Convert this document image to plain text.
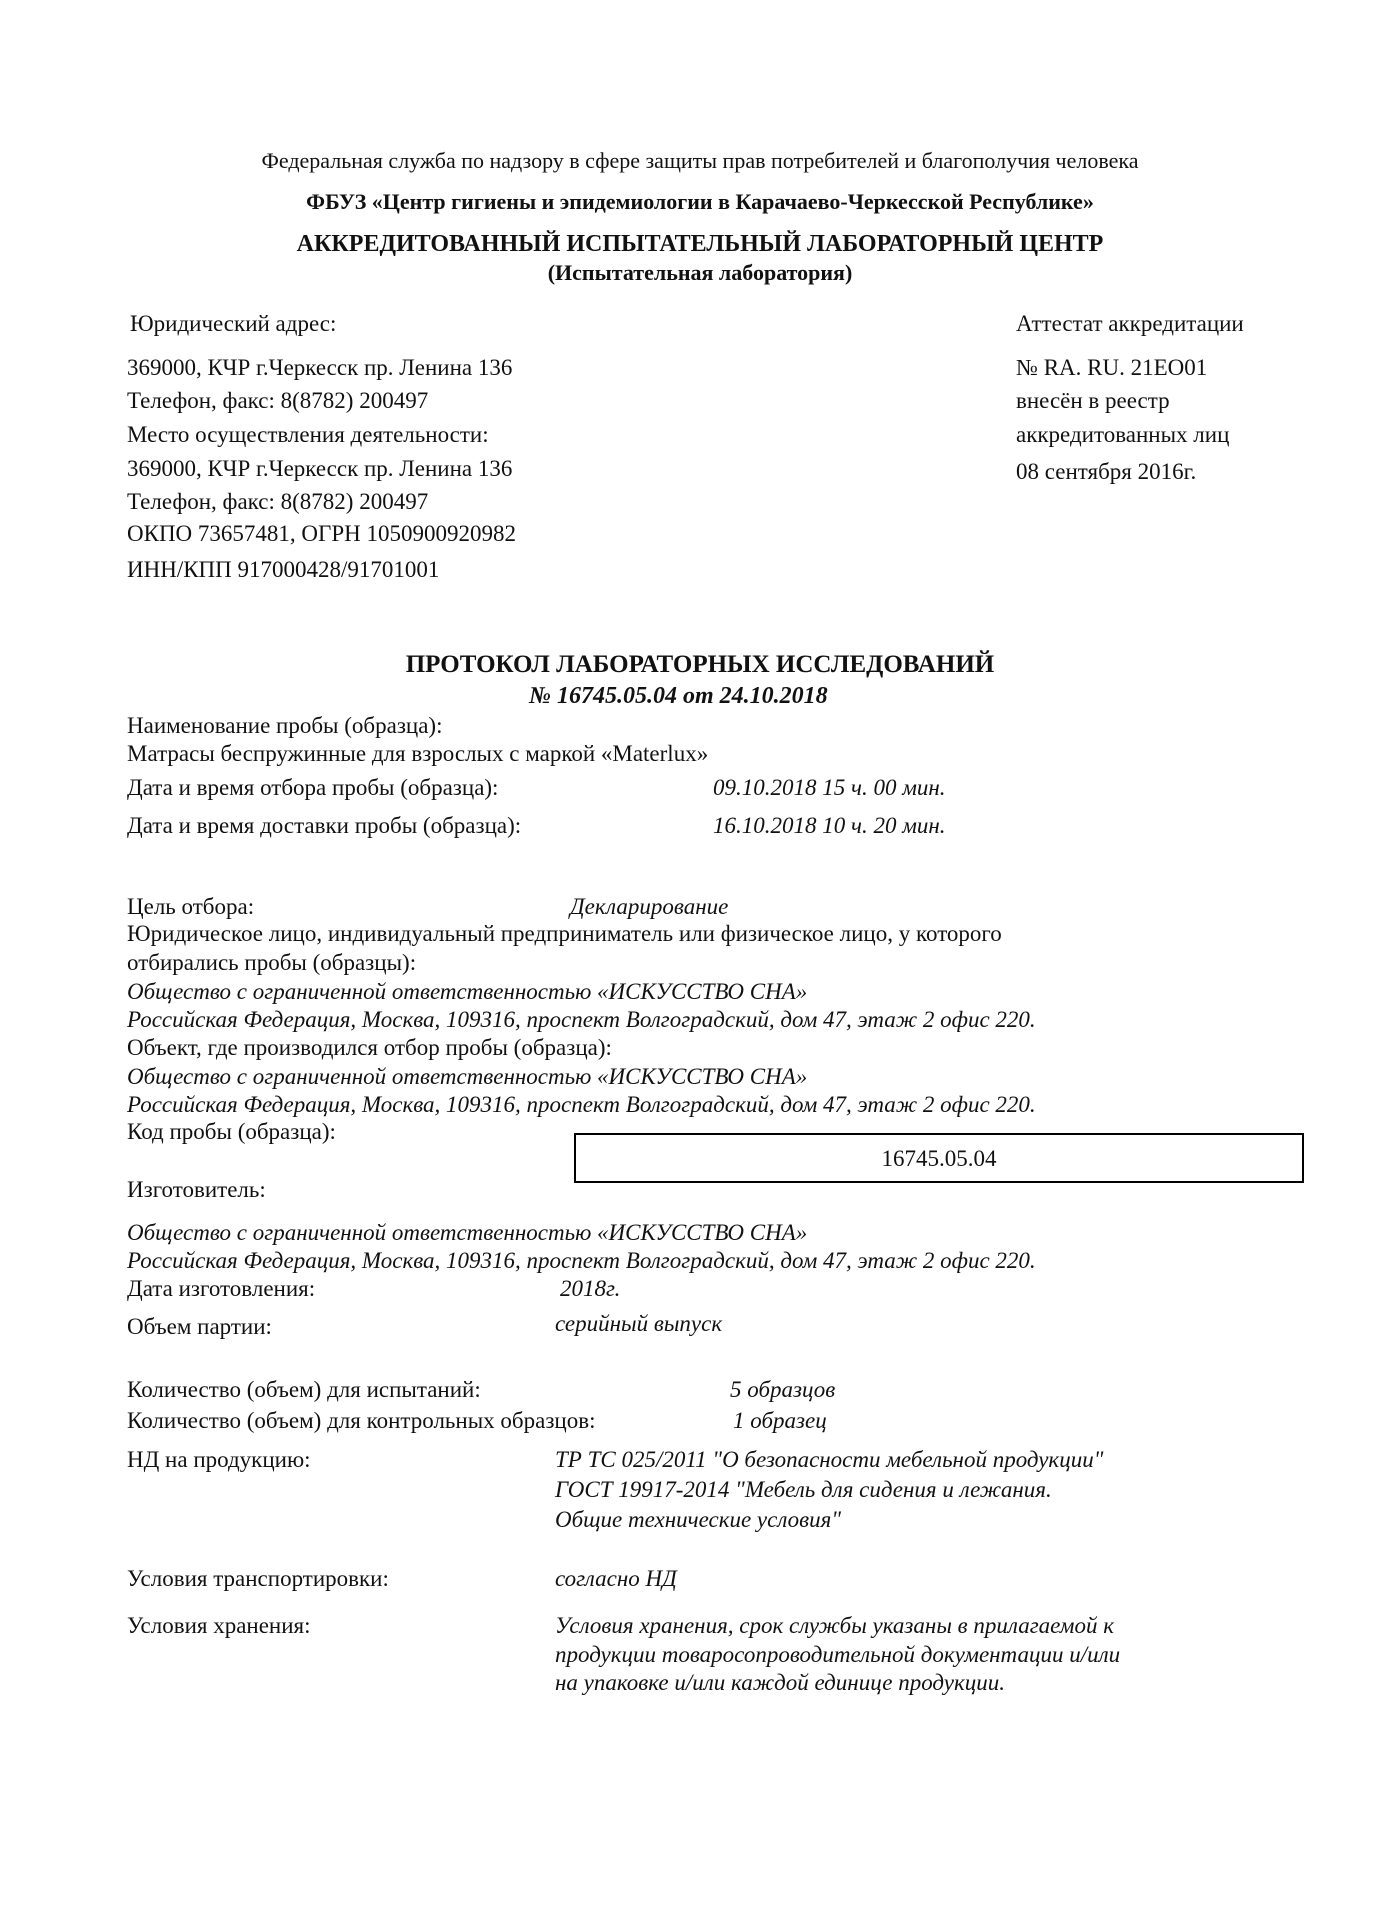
Федеральная служба по надзору в сфере защиты прав потребителей и благополучия человека
ФБУЗ «Центр гигиены и эпидемиологии в Карачаево-Черкесской Республике»
АККРЕДИТОВАННЫЙ ИСПЫТАТЕЛЬНЫЙ ЛАБОРАТОРНЫЙ ЦЕНТР
(Испытательная лаборатория)
Юридический адрес:
369000, КЧР г.Черкесск пр. Ленина 136
Телефон, факс: 8(8782) 200497
Место осуществления деятельности:
369000, КЧР г.Черкесск пр. Ленина 136
Телефон, факс: 8(8782) 200497
ОКПО 73657481, ОГРН 1050900920982
ИНН/КПП 917000428/91701001
Аттестат аккредитации
№ RA. RU. 21ЕО01
внесён в реестр
аккредитованных лиц
08 сентября 2016г.
ПРОТОКОЛ ЛАБОРАТОРНЫХ ИССЛЕДОВАНИЙ
№ 16745.05.04 от 24.10.2018
Наименование пробы (образца):
Матрасы беспружинные для взрослых с маркой «Materlux»
Дата и время отбора пробы (образца):	09.10.2018 15 ч. 00 мин.
Дата и время доставки пробы (образца):	16.10.2018 10 ч. 20 мин.
Цель отбора:	Декларирование
Юридическое лицо, индивидуальный предприниматель или физическое лицо, у которого
отбирались пробы (образцы):
Общество с ограниченной ответственностью «ИСКУССТВО СНА»
Российская Федерация, Москва, 109316, проспект Волгоградский, дом 47, этаж 2 офис 220.
Объект, где производился отбор пробы (образца):
Общество с ограниченной ответственностью «ИСКУССТВО СНА»
Российская Федерация, Москва, 109316, проспект Волгоградский, дом 47, этаж 2 офис 220.
Код пробы (образца):
16745.05.04
Изготовитель:
Общество с ограниченной ответственностью «ИСКУССТВО СНА»
Российская Федерация, Москва, 109316, проспект Волгоградский, дом 47, этаж 2 офис 220.
Дата изготовления:	2018г.
Объем партии:	серийный выпуск
Количество (объем) для испытаний:	5 образцов
Количество (объем) для контрольных образцов:	1 образец
НД на продукцию:	ТР ТС 025/2011 "О безопасности мебельной продукции"
ГОСТ 19917-2014 "Мебель для сидения и лежания.
Общие технические условия"
Условия транспортировки:	согласно НД
Условия хранения:	Условия хранения, срок службы указаны в прилагаемой к
продукции товаросопроводительной документации и/или
на упаковке и/или каждой единице продукции.
